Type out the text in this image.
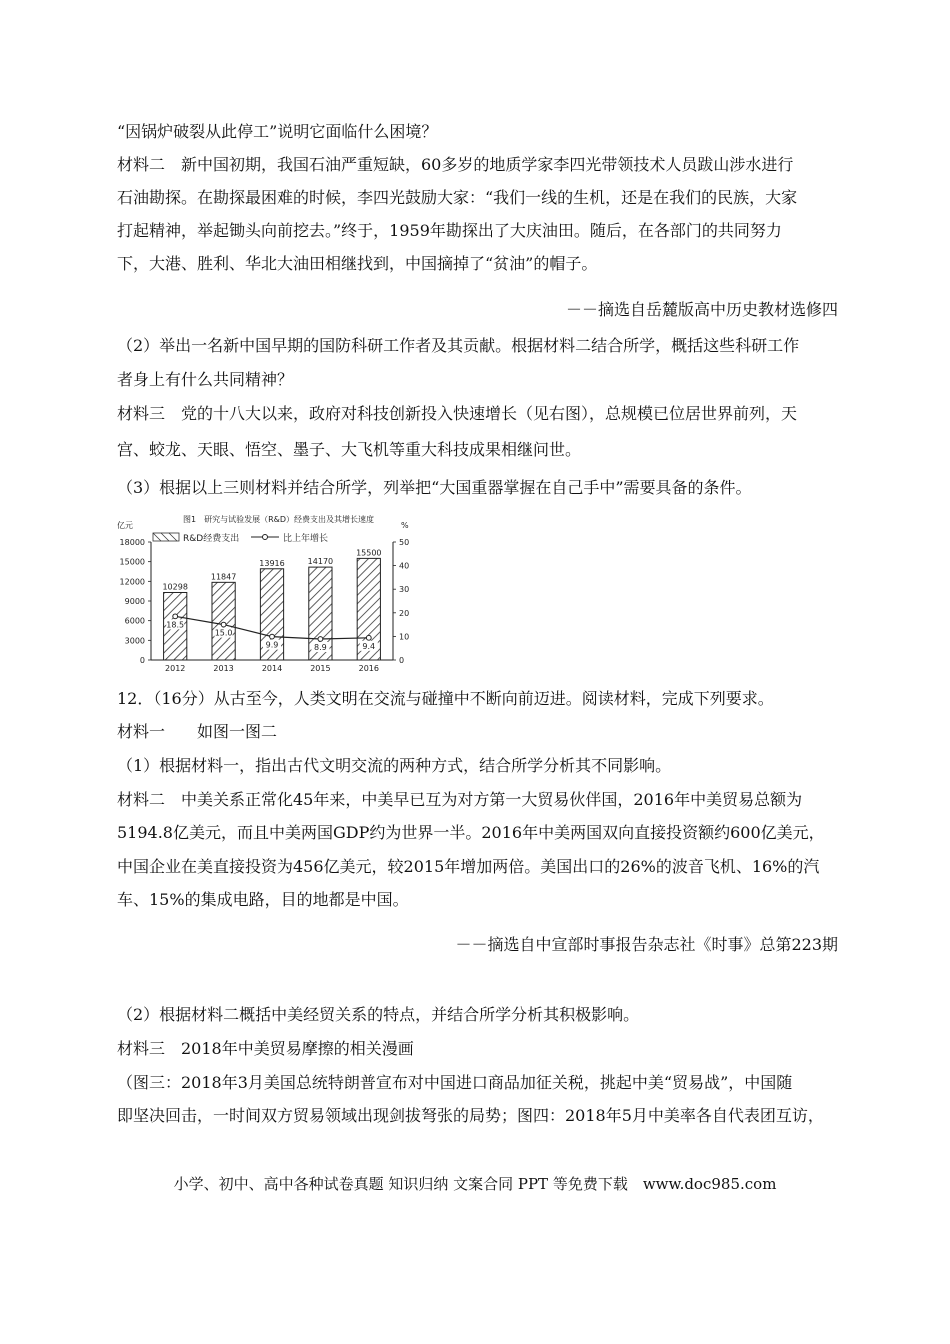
“因锅炉破裂从此停工”说明它面临什么困境？
材料二　新中国初期，我国石油严重短缺，60多岁的地质学家李四光带领技术人员跋山涉水进行
石油勘探。在勘探最困难的时候，李四光鼓励大家：“我们一线的生机，还是在我们的民族，大家
打起精神，举起锄头向前挖去。”终于，1959年勘探出了大庆油田。随后，在各部门的共同努力
下，大港、胜利、华北大油田相继找到，中国摘掉了“贫油”的帽子。
－－摘选自岳麓版高中历史教材选修四
（2）举出一名新中国早期的国防科研工作者及其贡献。根据材料二结合所学，概括这些科研工作
者身上有什么共同精神？
材料三　党的十八大以来，政府对科技创新投入快速增长（见右图），总规模已位居世界前列，天
宫、蛟龙、天眼、悟空、墨子、大飞机等重大科技成果相继问世。
（3）根据以上三则材料并结合所学，列举把“大国重器掌握在自己手中”需要具备的条件。
图1　研究与试验发展（R&D）经费支出及其增长速度
亿元	%
R&D经费支出	比上年增长
0
3000
6000
9000
12000
15000
18000
0
10
20
30
40
50
10298
2012
11847
2013
13916
2014
14170
2015
15500
2016
18.5
15.0
9.9	8.9	9.4
12．（16分）从古至今，人类文明在交流与碰撞中不断向前迈进。阅读材料，完成下列要求。
材料一　　如图一图二
（1）根据材料一，指出古代文明交流的两种方式，结合所学分析其不同影响。
材料二　中美关系正常化45年来，中美早已互为对方第一大贸易伙伴国，2016年中美贸易总额为
5194.8亿美元，而且中美两国GDP约为世界一半。2016年中美两国双向直接投资额约600亿美元，
中国企业在美直接投资为456亿美元，较2015年增加两倍。美国出口的26%的波音飞机、16%的汽
车、15%的集成电路，目的地都是中国。
－－摘选自中宣部时事报告杂志社《时事》总第223期
（2）根据材料二概括中美经贸关系的特点，并结合所学分析其积极影响。
材料三　2018年中美贸易摩擦的相关漫画
（图三：2018年3月美国总统特朗普宣布对中国进口商品加征关税，挑起中美“贸易战”，中国随
即坚决回击，一时间双方贸易领域出现剑拔弩张的局势；图四：2018年5月中美率各自代表团互访，
小学、初中、高中各种试卷真题 知识归纳 文案合同 PPT 等免费下载　www.doc985.com
